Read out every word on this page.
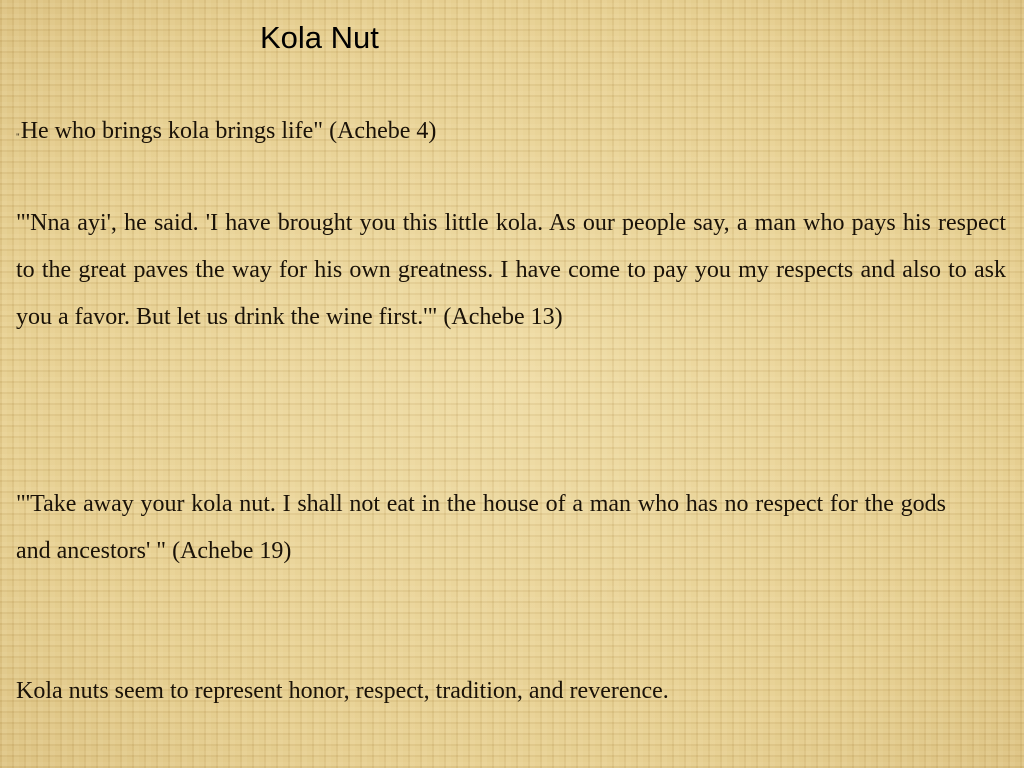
Kola Nut

"He who brings kola brings life" (Achebe 4)

"'Nna ayi', he said. 'I have brought you this little kola. As our people say, a man who pays his respect to the great paves the way for his own greatness. I have come to pay you my respects and also to ask you a favor. But let us drink the wine first.'" (Achebe 13)

"'Take away your kola nut. I shall not eat in the house of a man who has no respect for the gods and ancestors' " (Achebe 19)

Kola nuts seem to represent honor, respect, tradition, and reverence.
